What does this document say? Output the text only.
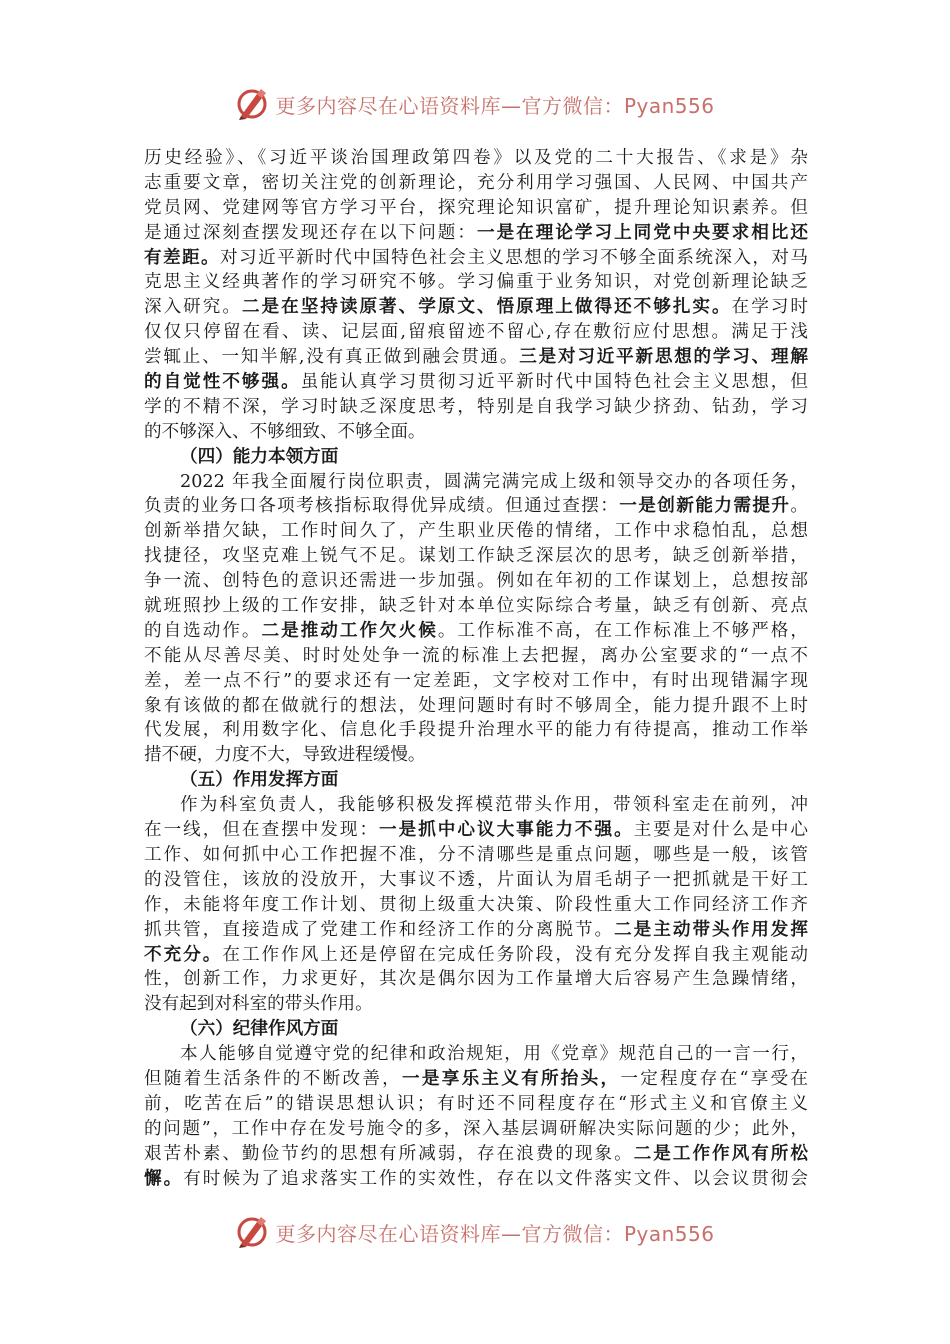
更多内容尽在心语资料库—官方微信：Pyan556
历史经验》、《习近平谈治国理政第四卷》以及党的二十大报告、《求是》杂
志重要文章，密切关注党的创新理论，充分利用学习强国、人民网、中国共产
党员网、党建网等官方学习平台，探究理论知识富矿，提升理论知识素养。但
是通过深刻查摆发现还存在以下问题：一是在理论学习上同党中央要求相比还
有差距。对习近平新时代中国特色社会主义思想的学习不够全面系统深入，对马
克思主义经典著作的学习研究不够。学习偏重于业务知识，对党创新理论缺乏
深入研究。二是在坚持读原著、学原文、悟原理上做得还不够扎实。在学习时
仅仅只停留在看、读、记层面,留痕留迹不留心,存在敷衍应付思想。满足于浅
尝辄止、一知半解,没有真正做到融会贯通。三是对习近平新思想的学习、理解
的自觉性不够强。虽能认真学习贯彻习近平新时代中国特色社会主义思想，但
学的不精不深，学习时缺乏深度思考，特别是自我学习缺少挤劲、钻劲，学习
的不够深入、不够细致、不够全面。
（四）能力本领方面
2022 年我全面履行岗位职责，圆满完满完成上级和领导交办的各项任务，
负责的业务口各项考核指标取得优异成绩。但通过查摆：一是创新能力需提升。
创新举措欠缺，工作时间久了，产生职业厌倦的情绪，工作中求稳怕乱，总想
找捷径，攻坚克难上锐气不足。谋划工作缺乏深层次的思考，缺乏创新举措，
争一流、创特色的意识还需进一步加强。例如在年初的工作谋划上，总想按部
就班照抄上级的工作安排，缺乏针对本单位实际综合考量，缺乏有创新、亮点
的自选动作。二是推动工作欠火候。工作标准不高，在工作标准上不够严格，
不能从尽善尽美、时时处处争一流的标准上去把握，离办公室要求的“一点不
差，差一点不行”的要求还有一定差距，文字校对工作中，有时出现错漏字现
象有该做的都在做就行的想法，处理问题时有时不够周全，能力提升跟不上时
代发展，利用数字化、信息化手段提升治理水平的能力有待提高，推动工作举
措不硬，力度不大，导致进程缓慢。
（五）作用发挥方面
作为科室负责人，我能够积极发挥模范带头作用，带领科室走在前列，冲
在一线，但在查摆中发现：一是抓中心议大事能力不强。主要是对什么是中心
工作、如何抓中心工作把握不准，分不清哪些是重点问题，哪些是一般，该管
的没管住，该放的没放开，大事议不透，片面认为眉毛胡子一把抓就是干好工
作，未能将年度工作计划、贯彻上级重大决策、阶段性重大工作同经济工作齐
抓共管，直接造成了党建工作和经济工作的分离脱节。二是主动带头作用发挥
不充分。在工作作风上还是停留在完成任务阶段，没有充分发挥自我主观能动
性，创新工作，力求更好，其次是偶尔因为工作量增大后容易产生急躁情绪，
没有起到对科室的带头作用。
（六）纪律作风方面
本人能够自觉遵守党的纪律和政治规矩，用《党章》规范自己的一言一行，
但随着生活条件的不断改善，一是享乐主义有所抬头，一定程度存在“享受在
前，吃苦在后”的错误思想认识；有时还不同程度存在“形式主义和官僚主义
的问题”，工作中存在发号施令的多，深入基层调研解决实际问题的少；此外，
艰苦朴素、勤俭节约的思想有所减弱，存在浪费的现象。二是工作作风有所松
懈。有时候为了追求落实工作的实效性，存在以文件落实文件、以会议贯彻会
更多内容尽在心语资料库—官方微信：Pyan556
